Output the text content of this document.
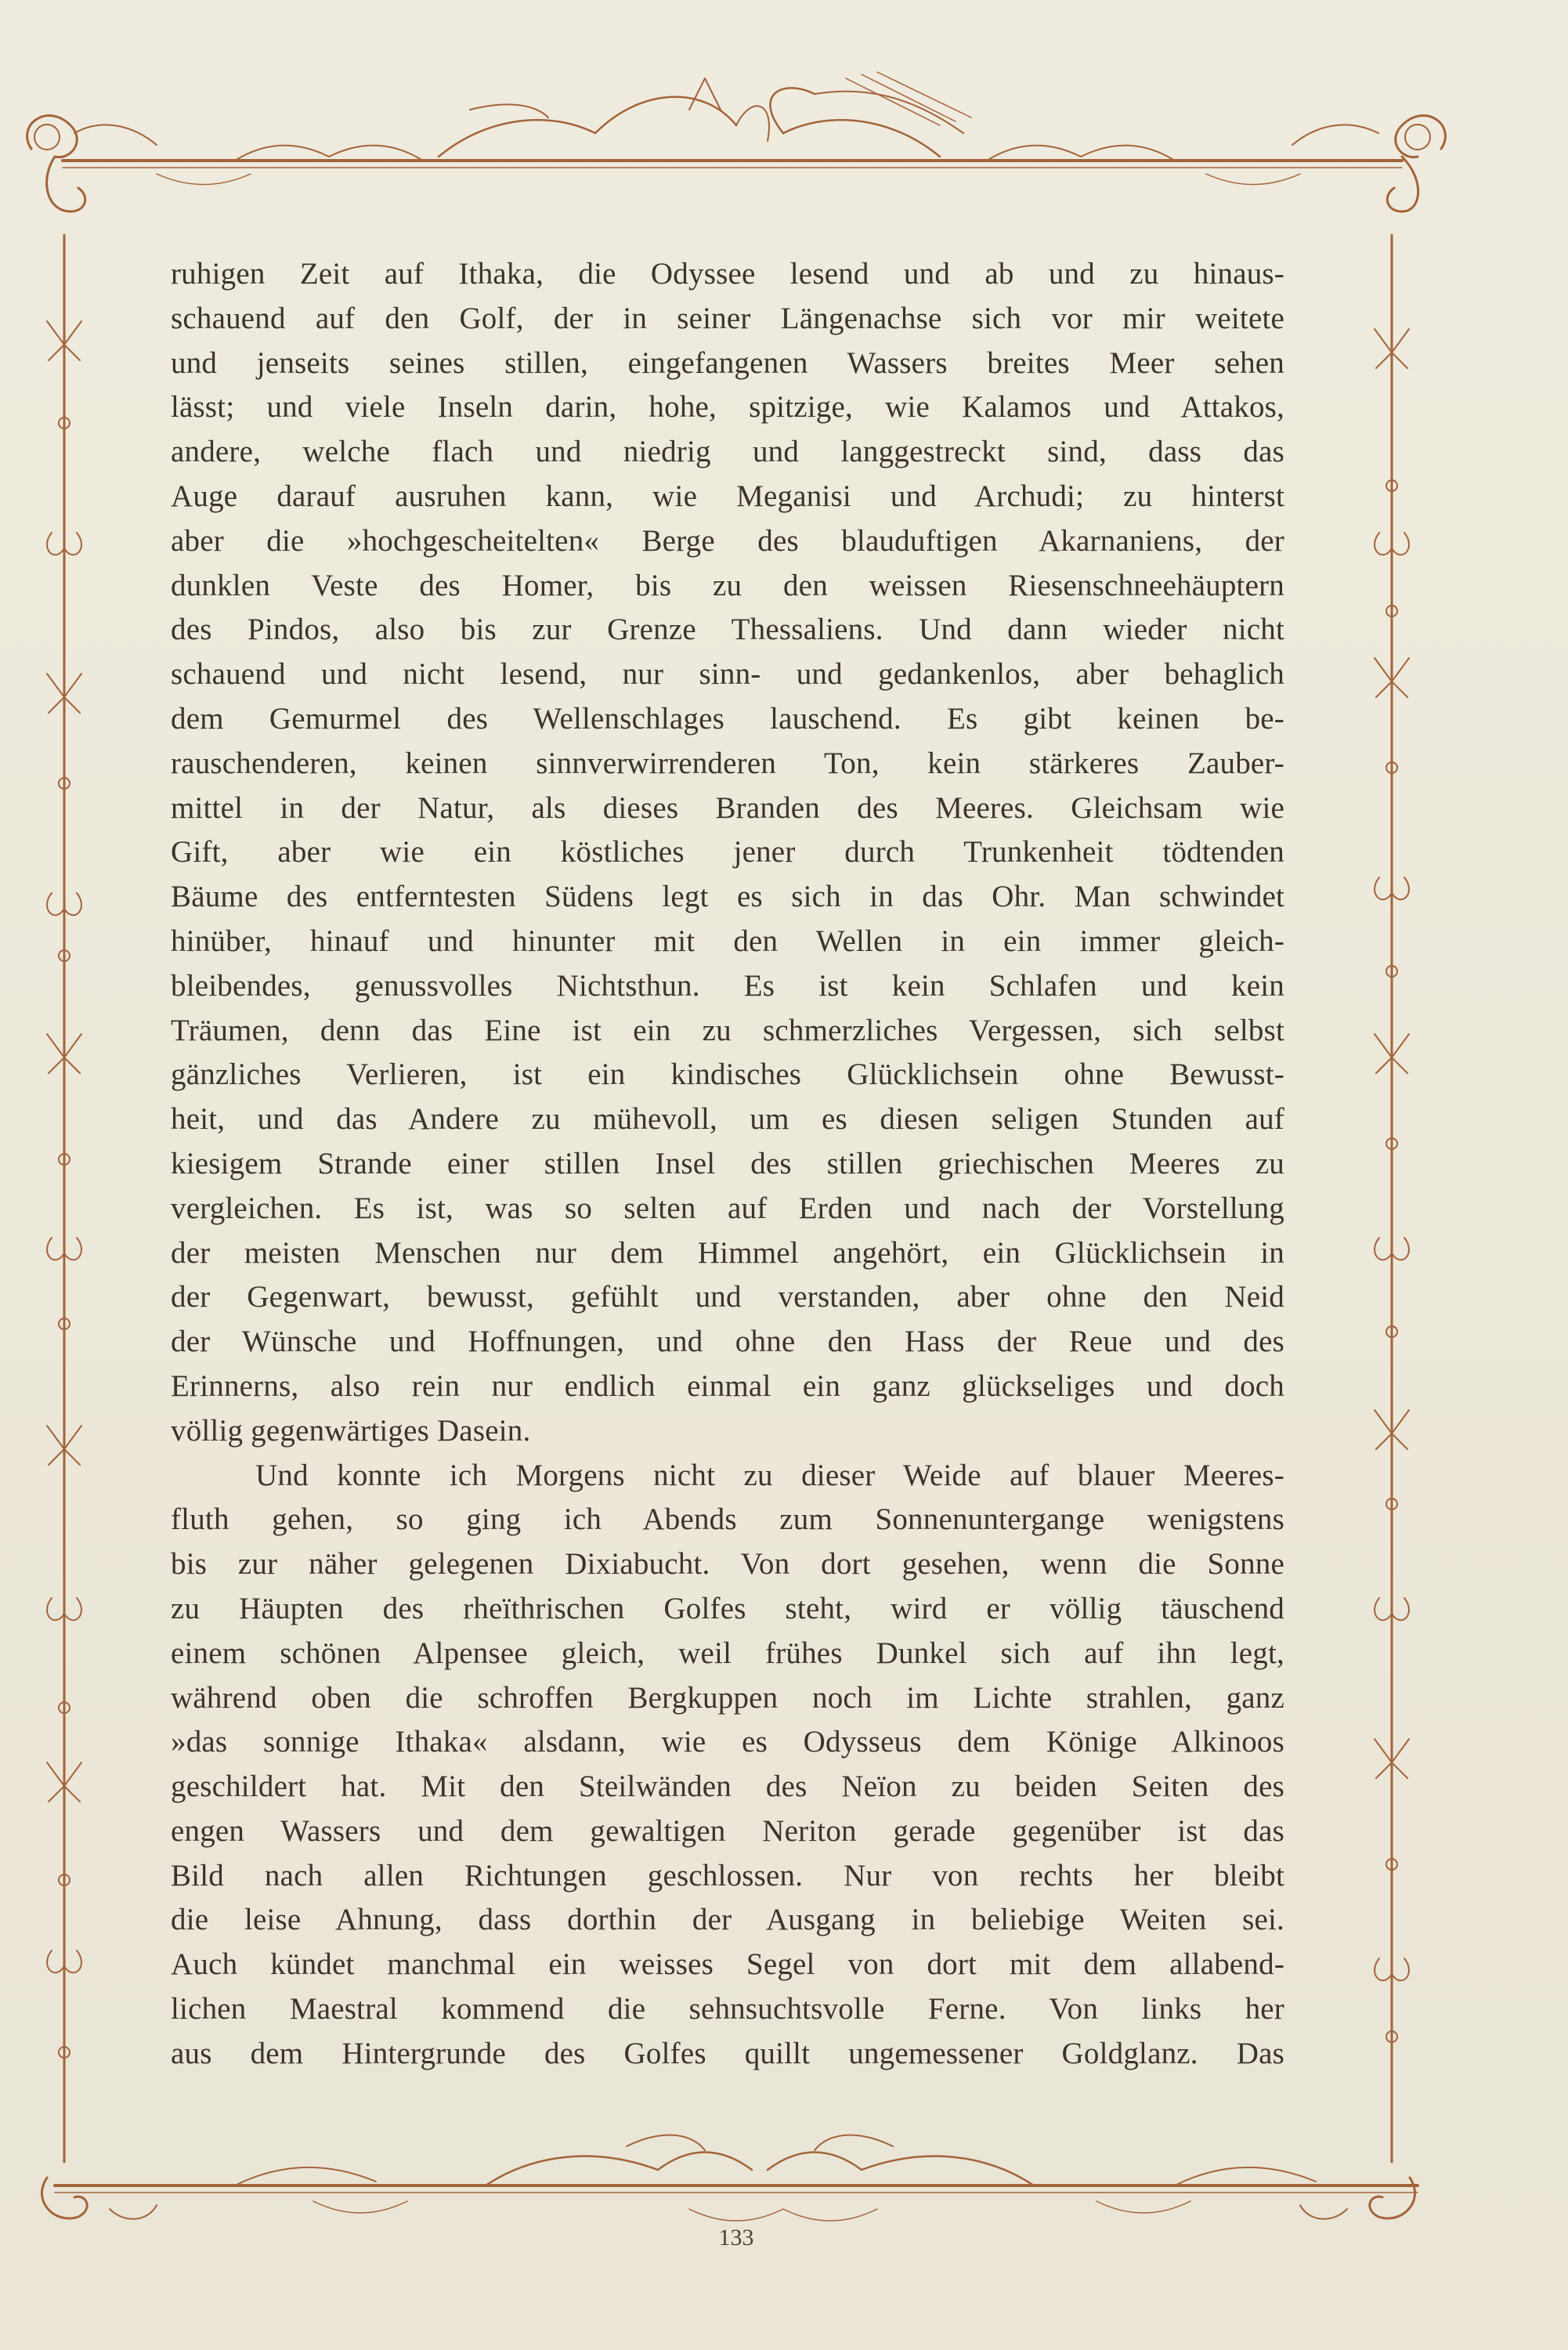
ruhigen Zeit auf Ithaka, die Odyssee lesend und ab und zu hinaus-
schauend auf den Golf, der in seiner Längenachse sich vor mir weitete
und jenseits seines stillen, eingefangenen Wassers breites Meer sehen
lässt; und viele Inseln darin, hohe, spitzige, wie Kalamos und Attakos,
andere, welche flach und niedrig und langgestreckt sind, dass das
Auge darauf ausruhen kann, wie Meganisi und Archudi; zu hinterst
aber die »hochgescheitelten« Berge des blauduftigen Akarnaniens, der
dunklen Veste des Homer, bis zu den weissen Riesenschneehäuptern
des Pindos, also bis zur Grenze Thessaliens. Und dann wieder nicht
schauend und nicht lesend, nur sinn- und gedankenlos, aber behaglich
dem Gemurmel des Wellenschlages lauschend. Es gibt keinen be-
rauschenderen, keinen sinnverwirrenderen Ton, kein stärkeres Zauber-
mittel in der Natur, als dieses Branden des Meeres. Gleichsam wie
Gift, aber wie ein köstliches jener durch Trunkenheit tödtenden
Bäume des entferntesten Südens legt es sich in das Ohr. Man schwindet
hinüber, hinauf und hinunter mit den Wellen in ein immer gleich-
bleibendes, genussvolles Nichtsthun. Es ist kein Schlafen und kein
Träumen, denn das Eine ist ein zu schmerzliches Vergessen, sich selbst
gänzliches Verlieren, ist ein kindisches Glücklichsein ohne Bewusst-
heit, und das Andere zu mühevoll, um es diesen seligen Stunden auf
kiesigem Strande einer stillen Insel des stillen griechischen Meeres zu
vergleichen. Es ist, was so selten auf Erden und nach der Vorstellung
der meisten Menschen nur dem Himmel angehört, ein Glücklichsein in
der Gegenwart, bewusst, gefühlt und verstanden, aber ohne den Neid
der Wünsche und Hoffnungen, und ohne den Hass der Reue und des
Erinnerns, also rein nur endlich einmal ein ganz glückseliges und doch
völlig gegenwärtiges Dasein.
Und konnte ich Morgens nicht zu dieser Weide auf blauer Meeres-
fluth gehen, so ging ich Abends zum Sonnenuntergange wenigstens
bis zur näher gelegenen Dixiabucht. Von dort gesehen, wenn die Sonne
zu Häupten des rheïthrischen Golfes steht, wird er völlig täuschend
einem schönen Alpensee gleich, weil frühes Dunkel sich auf ihn legt,
während oben die schroffen Bergkuppen noch im Lichte strahlen, ganz
»das sonnige Ithaka« alsdann, wie es Odysseus dem Könige Alkinoos
geschildert hat. Mit den Steilwänden des Neïon zu beiden Seiten des
engen Wassers und dem gewaltigen Neriton gerade gegenüber ist das
Bild nach allen Richtungen geschlossen. Nur von rechts her bleibt
die leise Ahnung, dass dorthin der Ausgang in beliebige Weiten sei.
Auch kündet manchmal ein weisses Segel von dort mit dem allabend-
lichen Maestral kommend die sehnsuchtsvolle Ferne. Von links her
aus dem Hintergrunde des Golfes quillt ungemessener Goldglanz. Das
133
